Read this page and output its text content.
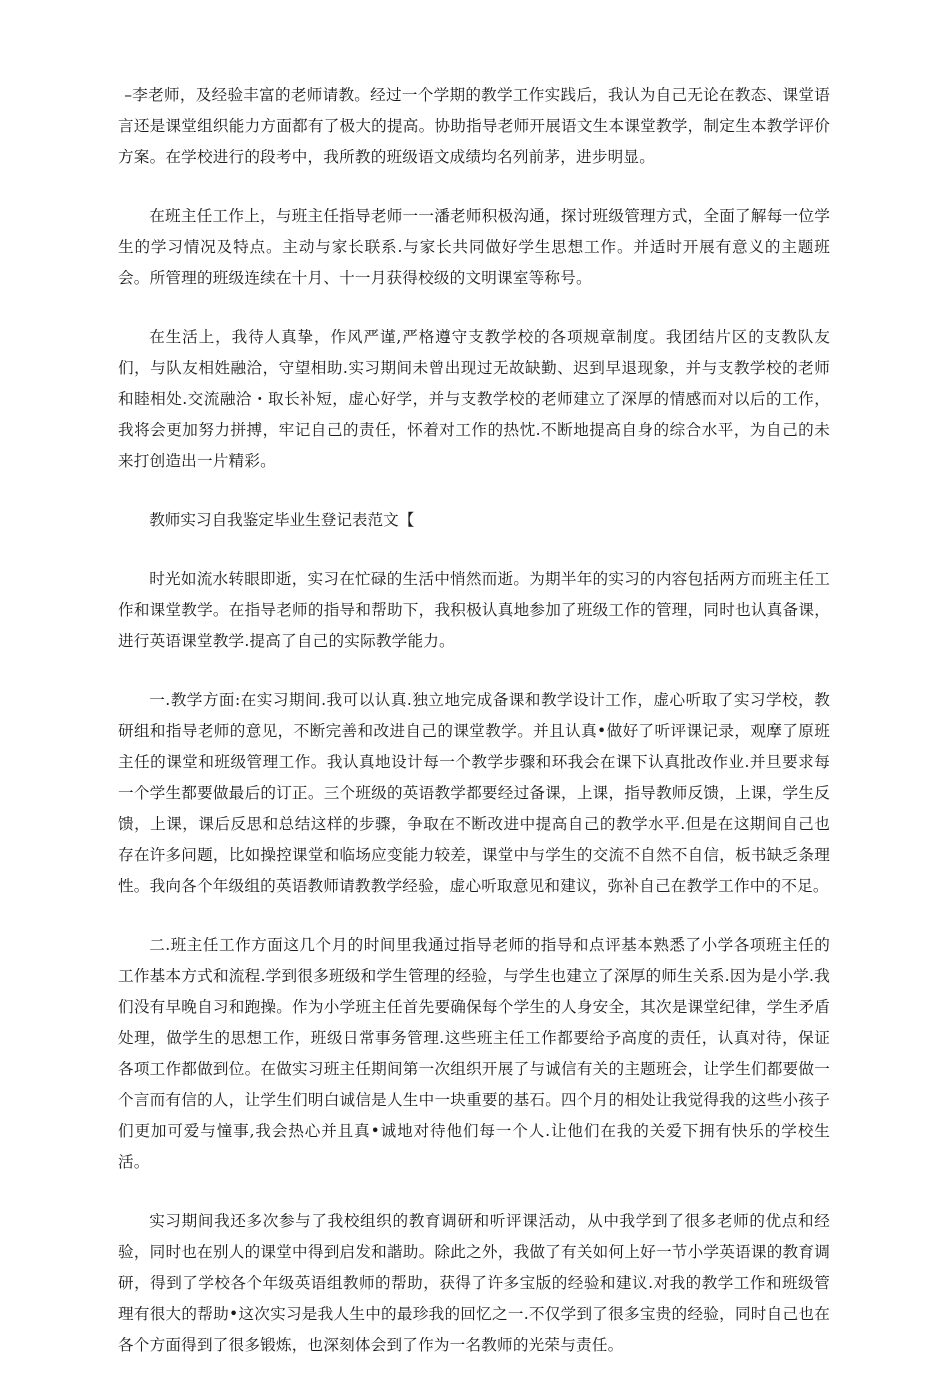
–李老师，及经验丰富的老师请教。经过一个学期的教学工作实践后，我认为自己无论在教态、课堂语言还是课堂组织能力方面都有了极大的提高。协助指导老师开展语文生本课堂教学，制定生本教学评价方案。在学校进行的段考中，我所教的班级语文成绩均名列前茅，进步明显。

在班主任工作上，与班主任指导老师一一潘老师积极沟通，探讨班级管理方式，全面了解每一位学生的学习情况及特点。主动与家长联系.与家长共同做好学生思想工作。并适时开展有意义的主题班会。所管理的班级连续在十月、十一月获得校级的文明课室等称号。

在生活上，我待人真挚，作风严谨,严格遵守支教学校的各项规章制度。我团结片区的支教队友们，与队友相姓融洽，守望相助.实习期间未曾出现过无故缺勤、迟到早退现象，并与支教学校的老师和睦相处.交流融洽・取长补短，虚心好学，并与支教学校的老师建立了深厚的情感而对以后的工作，我将会更加努力拼搏，牢记自己的责任，怀着对工作的热忱.不断地提高自身的综合水平，为自己的未来打创造出一片精彩。

教师实习自我鉴定毕业生登记表范文【

时光如流水转眼即逝，实习在忙碌的生活中悄然而逝。为期半年的实习的内容包括两方而班主任工作和课堂教学。在指导老师的指导和帮助下，我积极认真地参加了班级工作的管理，同时也认真备课，进行英语课堂教学.提高了自己的实际教学能力。

一.教学方面:在实习期间.我可以认真.独立地完成备课和教学设计工作，虚心听取了实习学校，教研组和指导老师的意见，不断完善和改进自己的课堂教学。并且认真•做好了听评课记录，观摩了原班主任的课堂和班级管理工作。我认真地设计每一个教学步骤和环我会在课下认真批改作业.并旦要求每一个学生都要做最后的订正。三个班级的英语教学都要经过备课，上课，指导教师反馈，上课，学生反馈，上课，课后反思和总结这样的步骤，争取在不断改进中提高自己的教学水平.但是在这期间自己也存在许多问题，比如操控课堂和临场应变能力较差，课堂中与学生的交流不自然不自信，板书缺乏条理性。我向各个年级组的英语教师请教教学经验，虚心听取意见和建议，弥补自己在教学工作中的不足。

二.班主任工作方面这几个月的时间里我通过指导老师的指导和点评基本熟悉了小学各项班主任的工作基本方式和流程.学到很多班级和学生管理的经验，与学生也建立了深厚的师生关系.因为是小学.我们没有早晚自习和跑操。作为小学班主任首先要确保每个学生的人身安全，其次是课堂纪律，学生矛盾处理，做学生的思想工作，班级日常事务管理.这些班主任工作都要给予高度的责任，认真对待，保证各项工作都做到位。在做实习班主任期间第一次组织开展了与诚信有关的主题班会，让学生们都要做一个言而有信的人，让学生们明白诚信是人生中一块重要的基石。四个月的相处让我觉得我的这些小孩子们更加可爱与憧事,我会热心并且真•诚地对待他们每一个人.让他们在我的关爱下拥有快乐的学校生活。

实习期间我还多次参与了我校组织的教育调研和听评课活动，从中我学到了很多老师的优点和经验，同时也在别人的课堂中得到启发和諧助。除此之外，我做了有关如何上好一节小学英语课的教育调研，得到了学校各个年级英语组教师的帮助，获得了许多宝版的经验和建议.对我的教学工作和班级管理有很大的帮助•这次实习是我人生中的最珍我的回忆之一.不仅学到了很多宝贵的经验，同时自己也在各个方面得到了很多锻炼，也深刻体会到了作为一名教师的光荣与责任。
